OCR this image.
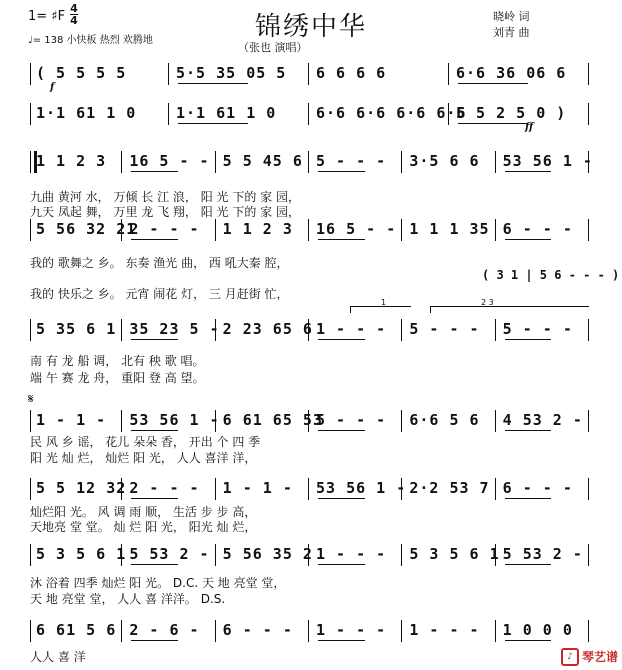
锦绣中华
1= ♯F
4
4
♩= 138 小快板 热烈 欢腾地
晓岭 词
刘青 曲
（张也 演唱）
f
ff
( 5 5 5 5	5·5 35 05 5 6 6 6 6	6·6 36 06 6
1·1 61 1 0	1·1 61 1 0	6·6 6·6 6·6 6·6
5 5 2 5 0 )
1 1 2 3 16 5 - - 5 5 45 6 5 - - - 3·5 6 6 53 56 1 -
5 56 32 21
2 - - - 1 1 2 3 16 5 - - 1 1 1 35 6 - - -
5 35 6 1 35 23 5 - 2 23 65 6 1 - - - 5 - - - 5 - - -
1 - 1 - 53 56 1 - 6 61 65 53
5 - - - 6·6 5 6 4 53 2 -
5 5 12 32 2 - - - 1 - 1 - 53 56 1 - 2·2 53 7 6 - - -
5 3 5 6 1 5 53 2 - 5 56 35 2 1 - - - 5 3 5 6 1 5 53 2 -
6 61 5 6 2 - 6 - 6 - - - 1 - - - 1 - - - 1 0 0 0
九曲 黄河 水， 万倾 长 江 浪， 阳 光 下的 家 园，
九天 凤起 舞， 万里 龙 飞 翔， 阳 光 下的 家 园，
我的 歌舞之 乡。 东奏 渔光 曲， 西 吼大秦 腔，
我的 快乐之 乡。 元宵 闹花 灯， 三 月赶街 忙，
( 3 1 | 5 6 - - - )
南 有 龙 船 调， 北有 秧 歌 唱。
端 午 赛 龙 舟， 重阳 登 高 望。
𝄋
民 风 乡 谣， 花儿 朵朵 香， 开出 个 四 季
阳 光 灿 烂， 灿烂 阳 光， 人人 喜洋 洋，
灿烂阳 光。 风 调 雨 顺， 生活 步 步 高，
天地亮 堂 堂。 灿 烂 阳 光， 阳光 灿 烂，
沐 浴着 四季 灿烂 阳 光。 D.C. 天 地 亮堂 堂，
天 地 亮堂 堂， 人人 喜 洋洋。 D.S.
人人 喜 洋
1	2 3
♪ 琴艺谱
